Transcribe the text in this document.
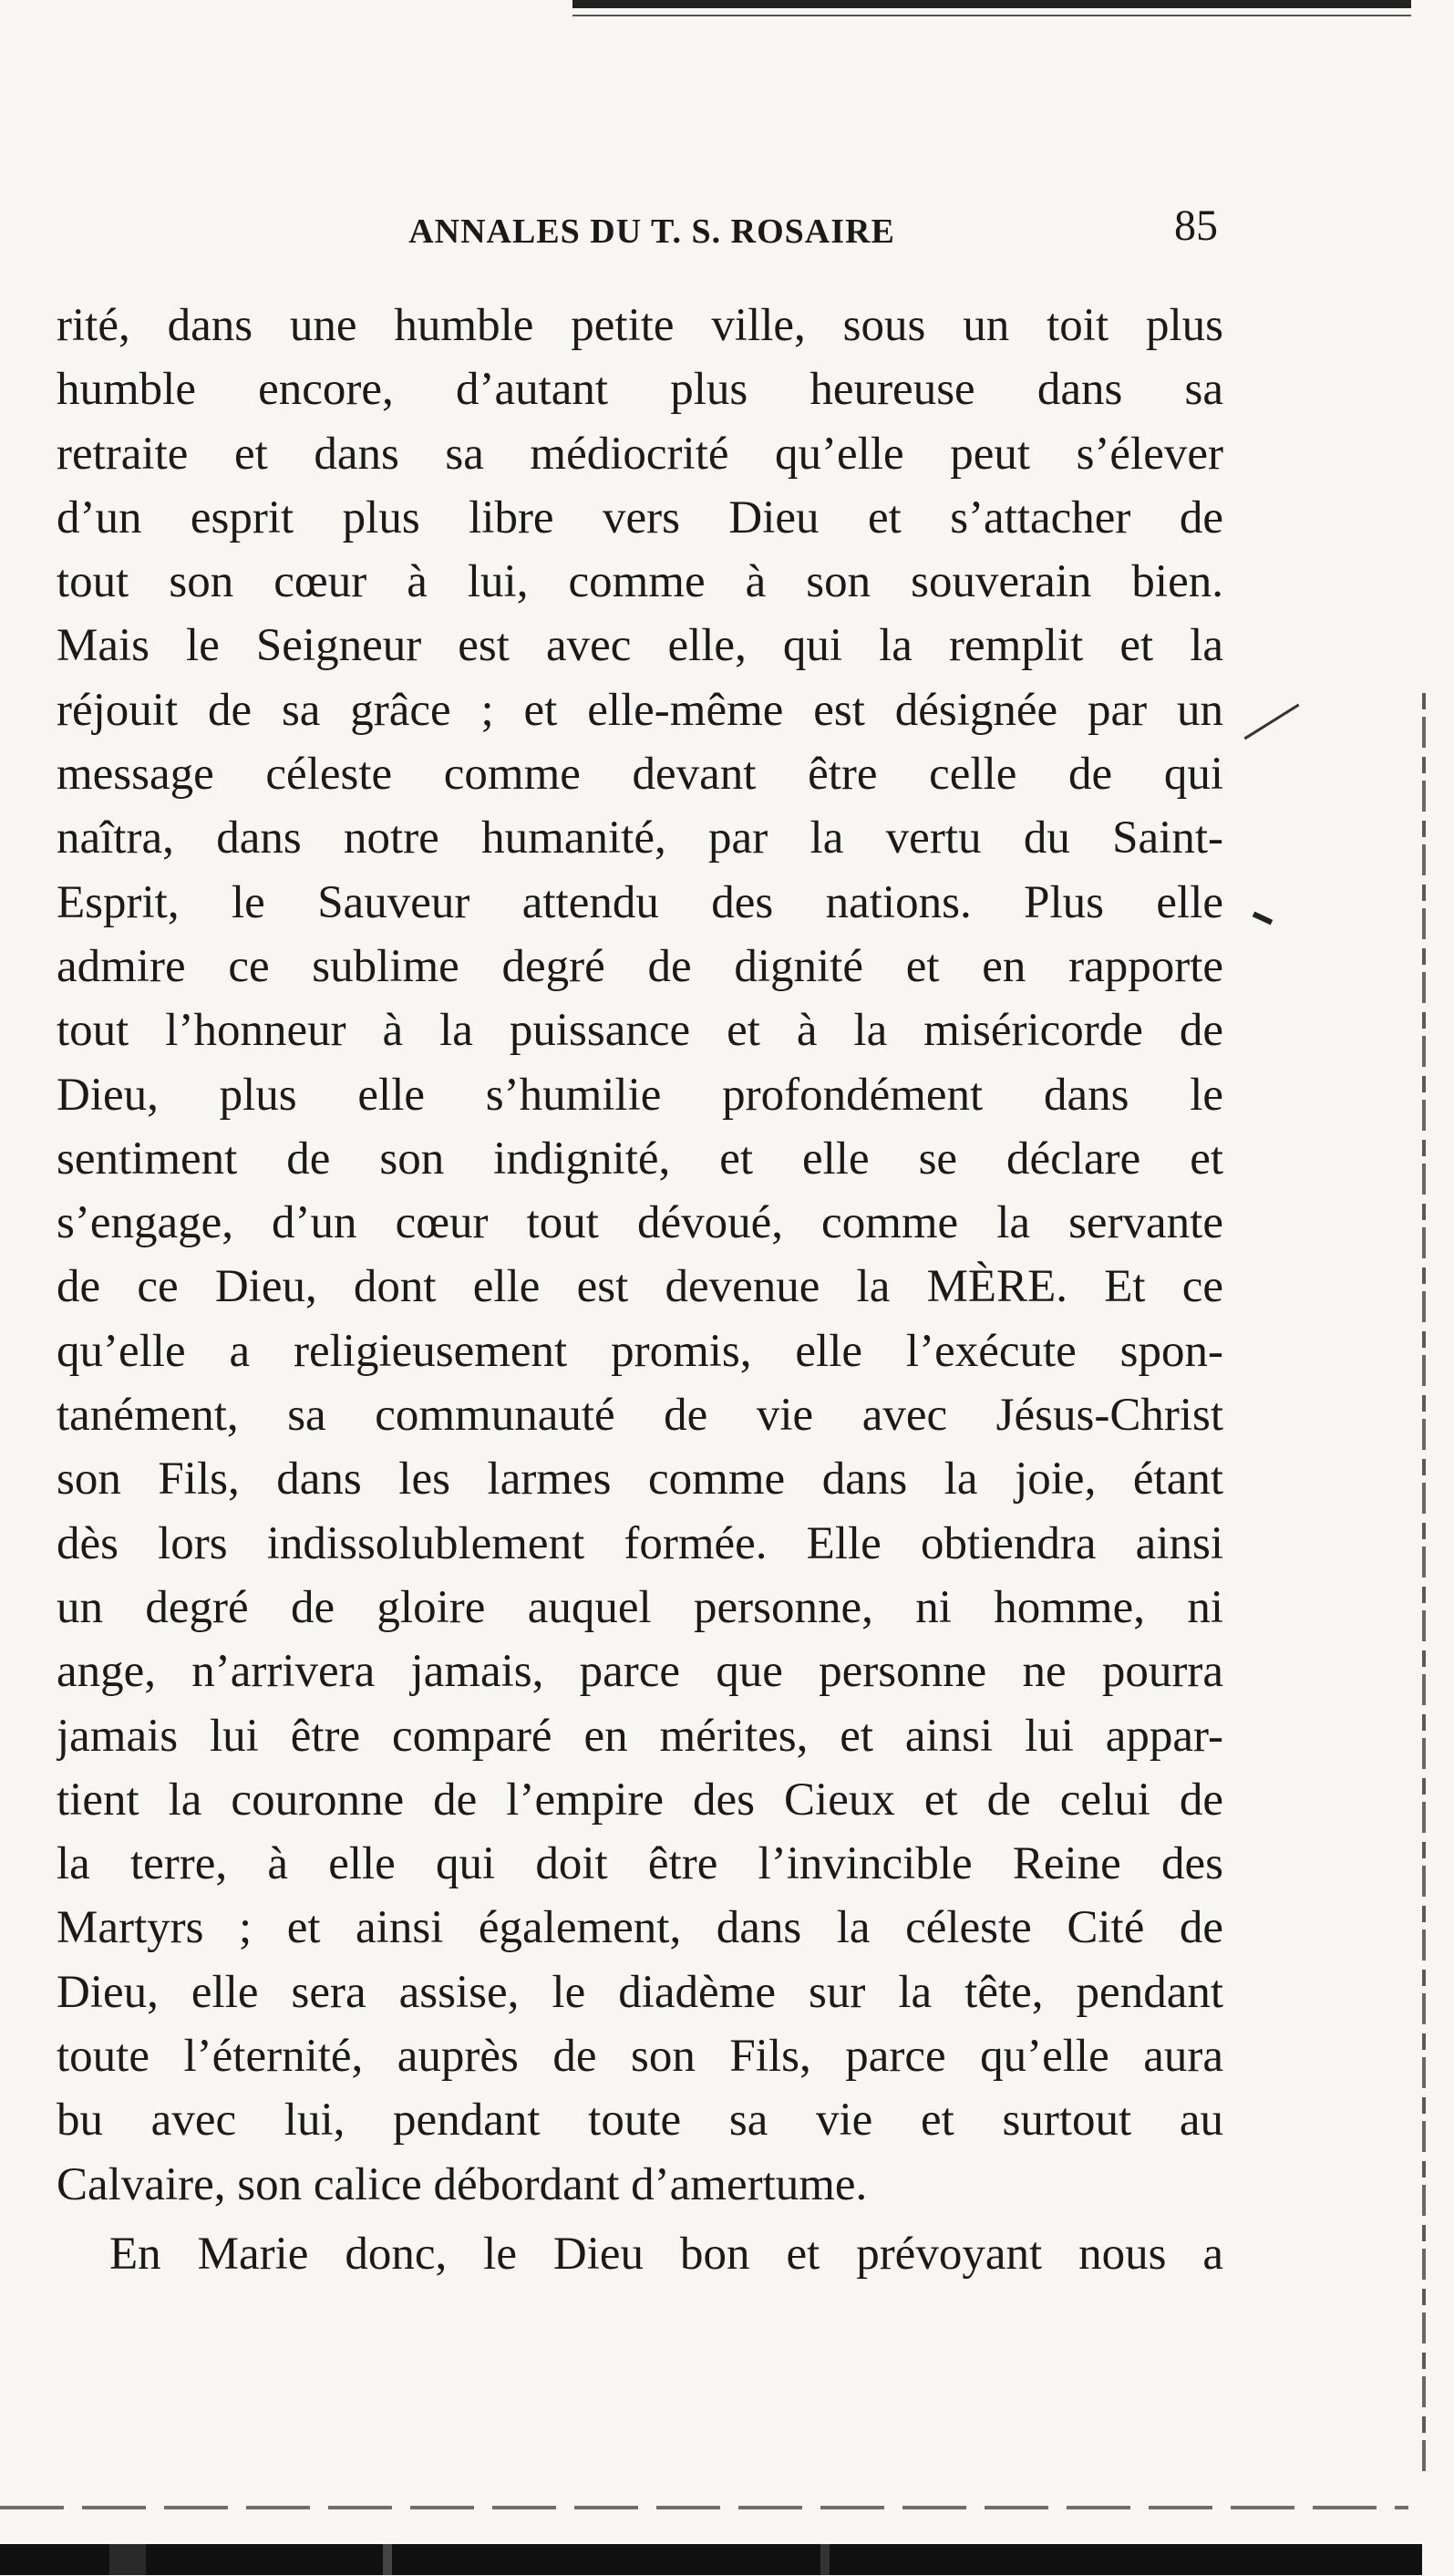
ANNALES DU T. S. ROSAIRE	85
rité, dans une humble petite ville, sous un toit plus
humble encore, d’autant plus heureuse dans sa
retraite et dans sa médiocrité qu’elle peut s’élever
d’un esprit plus libre vers Dieu et s’attacher de
tout son cœur à lui, comme à son souverain bien.
Mais le Seigneur est avec elle, qui la remplit et la
réjouit de sa grâce ; et elle-même est désignée par un
message céleste comme devant être celle de qui
naîtra, dans notre humanité, par la vertu du Saint-
Esprit, le Sauveur attendu des nations. Plus elle
admire ce sublime degré de dignité et en rapporte
tout l’honneur à la puissance et à la miséricorde de
Dieu, plus elle s’humilie profondément dans le
sentiment de son indignité, et elle se déclare et
s’engage, d’un cœur tout dévoué, comme la servante
de ce Dieu, dont elle est devenue la MÈRE. Et ce
qu’elle a religieusement promis, elle l’exécute spon-
tanément, sa communauté de vie avec Jésus-Christ
son Fils, dans les larmes comme dans la joie, étant
dès lors indissolublement formée. Elle obtiendra ainsi
un degré de gloire auquel personne, ni homme, ni
ange, n’arrivera jamais, parce que personne ne pourra
jamais lui être comparé en mérites, et ainsi lui appar-
tient la couronne de l’empire des Cieux et de celui de
la terre, à elle qui doit être l’invincible Reine des
Martyrs ; et ainsi également, dans la céleste Cité de
Dieu, elle sera assise, le diadème sur la tête, pendant
toute l’éternité, auprès de son Fils, parce qu’elle aura
bu avec lui, pendant toute sa vie et surtout au
Calvaire, son calice débordant d’amertume.
En Marie donc, le Dieu bon et prévoyant nous a
